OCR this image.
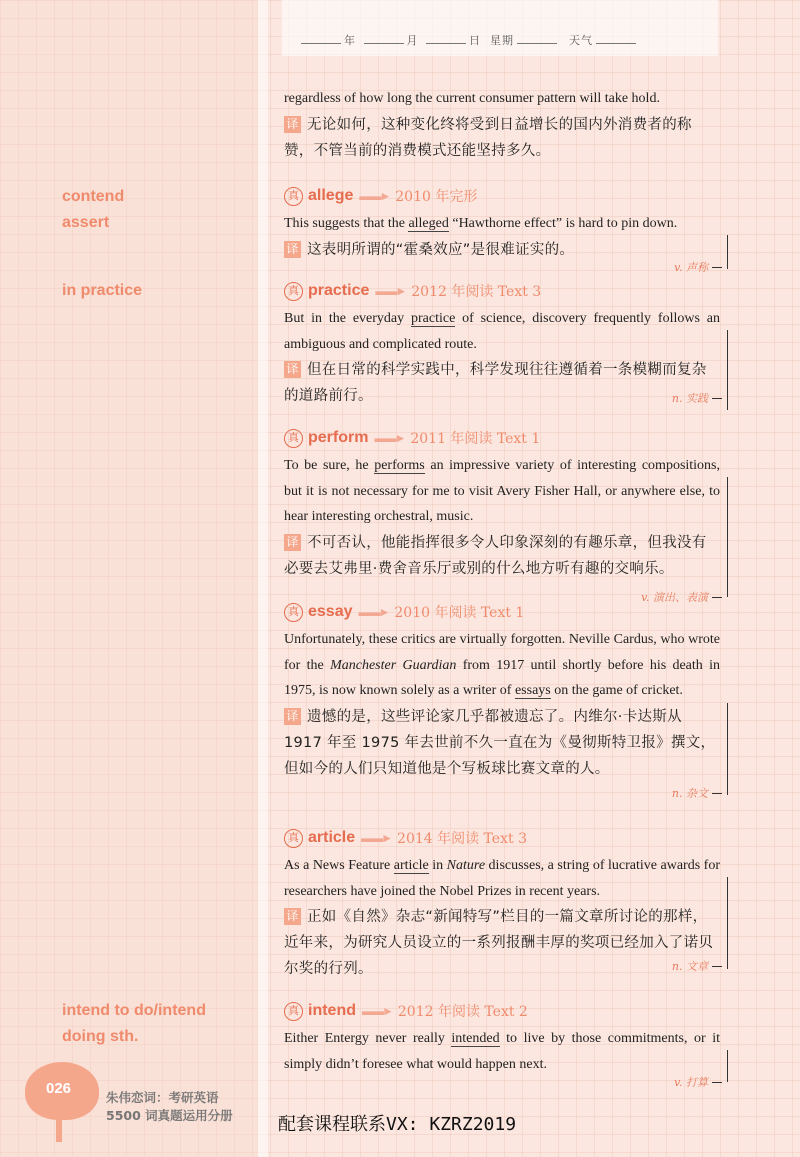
年	月	日 星期	天气
contend
assert
in practice
intend to do/intend
doing sth.
regardless of how long the current consumer pattern will take hold.
译 无论如何，这种变化终将受到日益增长的国内外消费者的称赞，不管当前的消费模式还能坚持多久。
真 allege ▬▬► 2010 年完形
This suggests that the alleged “Hawthorne effect” is hard to pin down.
译 这表明所谓的“霍桑效应”是很难证实的。
v. 声称
真 practice ▬▬► 2012 年阅读 Text 3
But in the everyday practice of science, discovery frequently follows an ambiguous and complicated route.
译 但在日常的科学实践中，科学发现往往遵循着一条模糊而复杂的道路前行。	n. 实践
真 perform ▬▬► 2011 年阅读 Text 1
To be sure, he performs an impressive variety of interesting compositions, but it is not necessary for me to visit Avery Fisher Hall, or anywhere else, to hear interesting orchestral, music.
译 不可否认，他能指挥很多令人印象深刻的有趣乐章，但我没有必要去艾弗里·费舍音乐厅或别的什么地方听有趣的交响乐。
v. 演出、表演
真 essay ▬▬► 2010 年阅读 Text 1
Unfortunately, these critics are virtually forgotten. Neville Cardus, who wrote for the Manchester Guardian from 1917 until shortly before his death in 1975, is now known solely as a writer of essays on the game of cricket.
译 遗憾的是，这些评论家几乎都被遗忘了。内维尔·卡达斯从 1917 年至 1975 年去世前不久一直在为《曼彻斯特卫报》撰文，但如今的人们只知道他是个写板球比赛文章的人。
n. 杂文
真 article ▬▬► 2014 年阅读 Text 3
As a News Feature article in Nature discusses, a string of lucrative awards for researchers have joined the Nobel Prizes in recent years.
译 正如《自然》杂志“新闻特写”栏目的一篇文章所讨论的那样，近年来，为研究人员设立的一系列报酬丰厚的奖项已经加入了诺贝尔奖的行列。	n. 文章
真 intend ▬▬► 2012 年阅读 Text 2
Either Entergy never really intended to live by those commitments, or it simply didn’t foresee what would happen next.
v. 打算
026
朱伟恋词：考研英语
5500 词真题运用分册	配套课程联系VX: KZRZ2019
